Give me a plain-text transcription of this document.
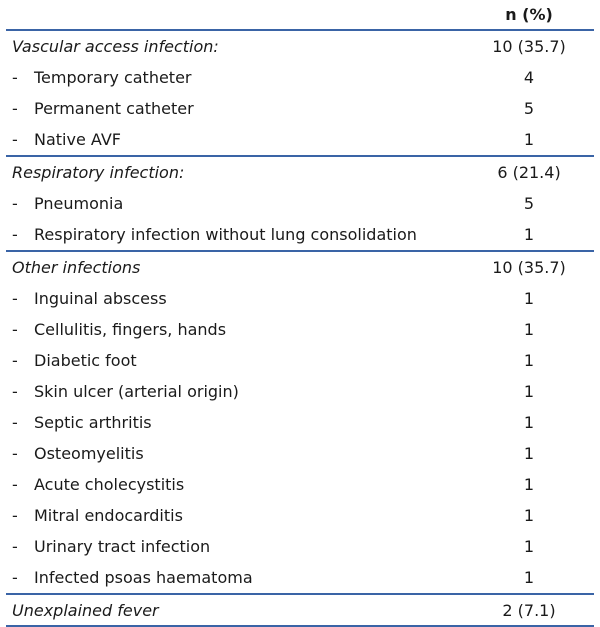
	n (%)
Vascular access infection:	10 (35.7)
- Temporary catheter	4
- Permanent catheter	5
- Native AVF	1
Respiratory infection:	6 (21.4)
- Pneumonia	5
- Respiratory infection without lung consolidation	1
Other infections	10 (35.7)
- Inguinal abscess	1
- Cellulitis, fingers, hands	1
- Diabetic foot	1
- Skin ulcer (arterial origin)	1
- Septic arthritis	1
- Osteomyelitis	1
- Acute cholecystitis	1
- Mitral endocarditis	1
- Urinary tract infection	1
- Infected psoas haematoma	1
Unexplained fever	2 (7.1)
